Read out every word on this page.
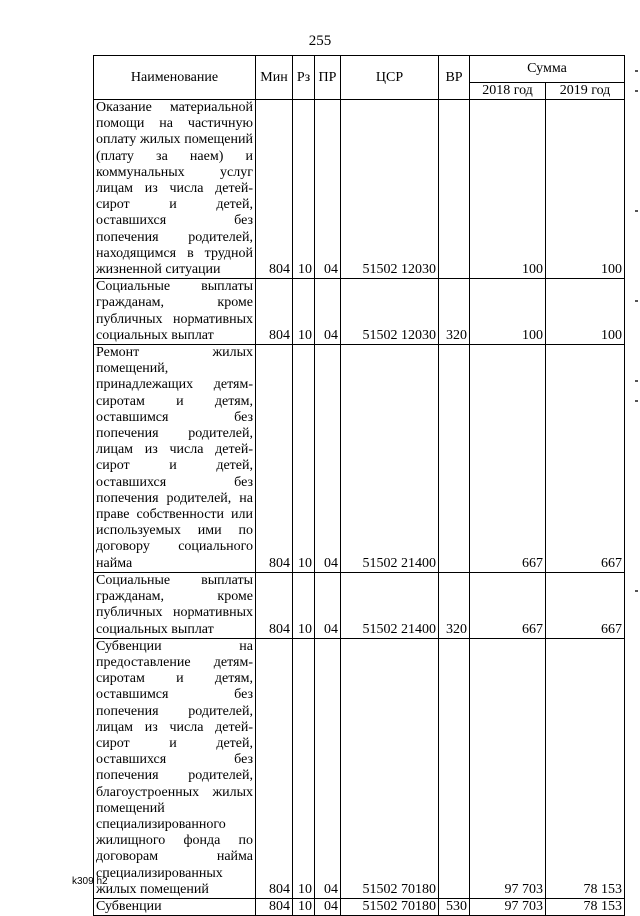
255
Наименование	Мин	Рз	ПР	ЦСР	ВР	Сумма	
						2018 год	2019 год
Оказание материальной помощи на частичную оплату жилых помещений (плату за наем) и коммунальных услуг лицам из числа детей-сирот и детей, оставшихся без попечения родителей, находящимся в трудной жизненной ситуации	804	10	04	51502 12030		100	100
Социальные выплаты гражданам, кроме публичных нормативных социальных выплат	804	10	04	51502 12030	320	100	100
Ремонт жилых помещений, принадлежащих детям-сиротам и детям, оставшимся без попечения родителей, лицам из числа детей-сирот и детей, оставшихся без попечения родителей, на праве собственности или используемых ими по договору социального найма	804	10	04	51502 21400		667	667
Социальные выплаты гражданам, кроме публичных нормативных социальных выплат	804	10	04	51502 21400	320	667	667
Субвенции на предоставление детям-сиротам и детям, оставшимся без попечения родителей, лицам из числа детей-сирот и детей, оставшихся без попечения родителей, благоустроенных жилых помещений специализированного жилищного фонда по договорам найма специализированных жилых помещений	804	10	04	51502 70180		97 703	78 153
Субвенции	804	10	04	51502 70180	530	97 703	78 153
k309 h2
